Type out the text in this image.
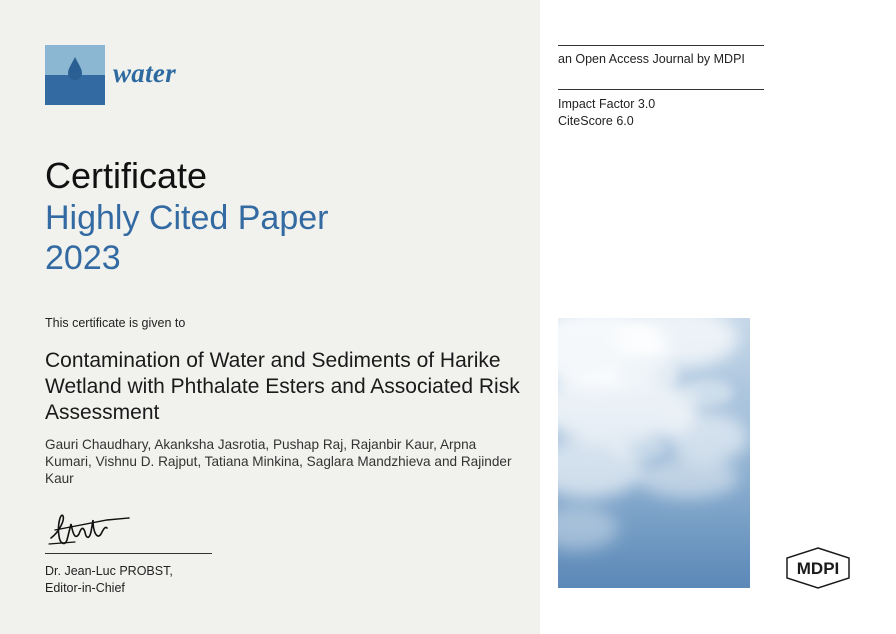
water
Certificate
Highly Cited Paper
2023
This certificate is given to
Contamination of Water and Sediments of Harike Wetland with Phthalate Esters and Associated Risk Assessment
Gauri Chaudhary, Akanksha Jasrotia, Pushap Raj, Rajanbir Kaur, Arpna Kumari, Vishnu D. Rajput, Tatiana Minkina, Saglara Mandzhieva and Rajinder Kaur
Dr. Jean-Luc PROBST,
Editor-in-Chief
an Open Access Journal by MDPI
Impact Factor 3.0
CiteScore 6.0
MDPI
